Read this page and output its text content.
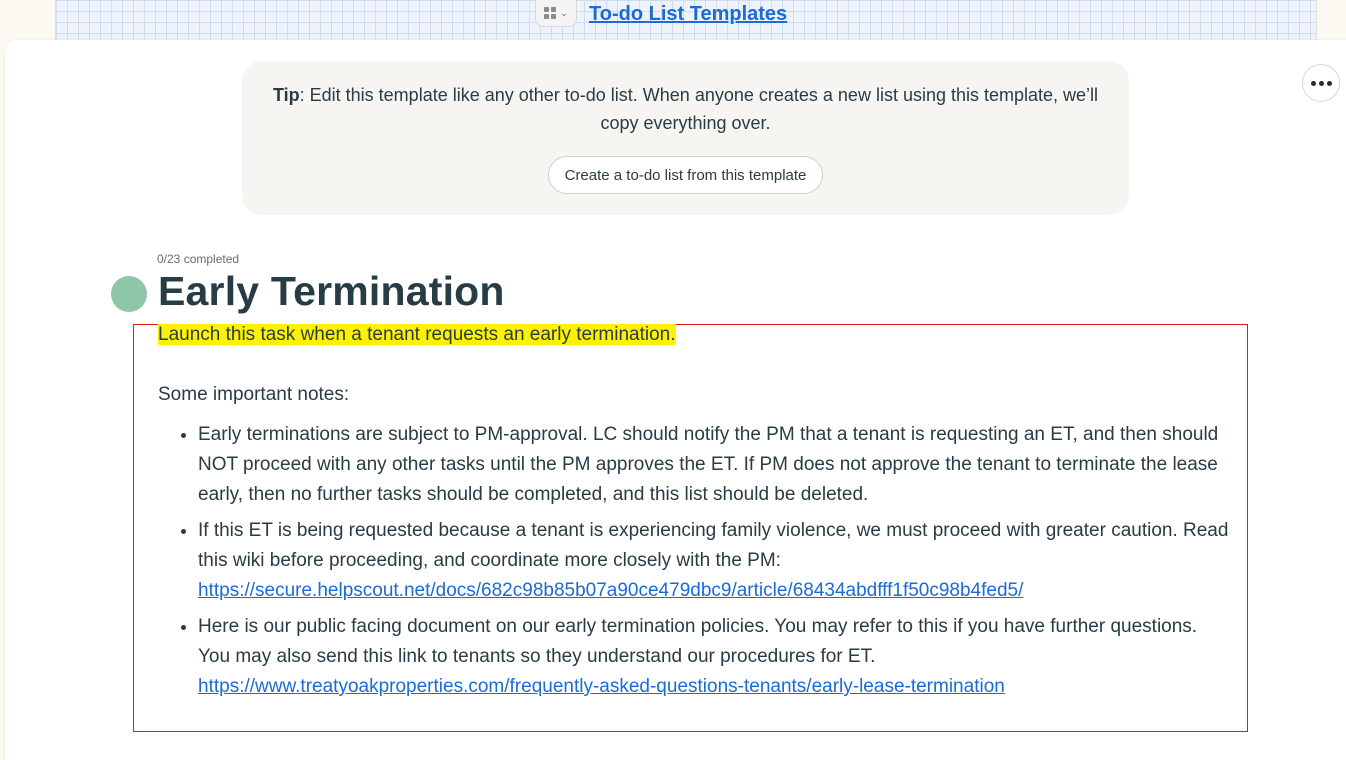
⌄ To-do List Templates
Tip: Edit this template like any other to-do list. When anyone creates a new list using this template, we’ll copy everything over.
Create a to-do list from this template
0/23 completed
Early Termination
Launch this task when a tenant requests an early termination.
Some important notes:
• Early terminations are subject to PM-approval. LC should notify the PM that a tenant is requesting an ET, and then should NOT proceed with any other tasks until the PM approves the ET. If PM does not approve the tenant to terminate the lease early, then no further tasks should be completed, and this list should be deleted.
• If this ET is being requested because a tenant is experiencing family violence, we must proceed with greater caution. Read this wiki before proceeding, and coordinate more closely with the PM:
https://secure.helpscout.net/docs/682c98b85b07a90ce479dbc9/article/68434abdfff1f50c98b4fed5/
• Here is our public facing document on our early termination policies. You may refer to this if you have further questions. You may also send this link to tenants so they understand our procedures for ET.
https://www.treatyoakproperties.com/frequently-asked-questions-tenants/early-lease-termination
